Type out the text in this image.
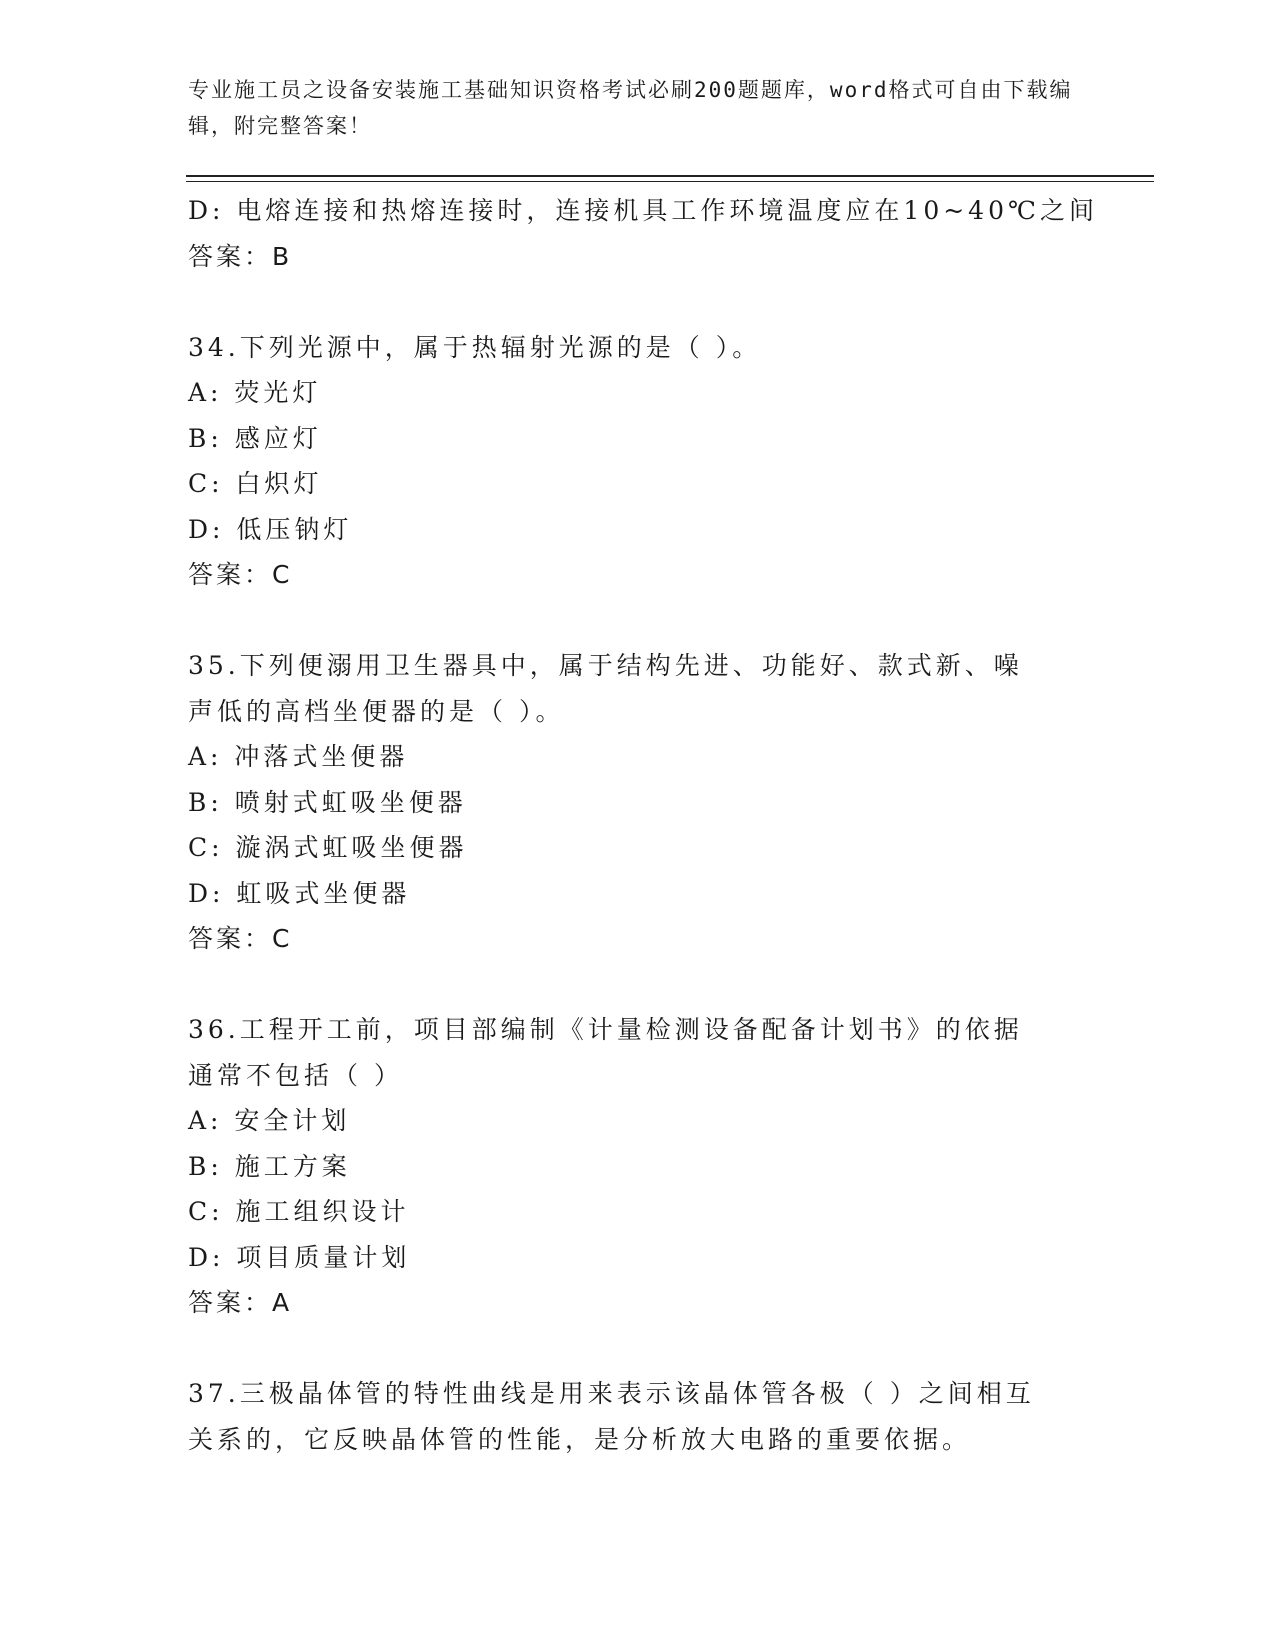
专业施工员之设备安装施工基础知识资格考试必刷200题题库，word格式可自由下载编辑，附完整答案！
D: 电熔连接和热熔连接时，连接机具工作环境温度应在10~40℃之间
答案：B
34.下列光源中，属于热辐射光源的是（ ）。
A: 荧光灯
B: 感应灯
C: 白炽灯
D: 低压钠灯
答案：C
35.下列便溺用卫生器具中，属于结构先进、功能好、款式新、噪声低的高档坐便器的是（ ）。
A: 冲落式坐便器
B: 喷射式虹吸坐便器
C: 漩涡式虹吸坐便器
D: 虹吸式坐便器
答案：C
36.工程开工前，项目部编制《计量检测设备配备计划书》的依据通常不包括（ ）
A: 安全计划
B: 施工方案
C: 施工组织设计
D: 项目质量计划
答案：A
37.三极晶体管的特性曲线是用来表示该晶体管各极（ ）之间相互关系的，它反映晶体管的性能，是分析放大电路的重要依据。
